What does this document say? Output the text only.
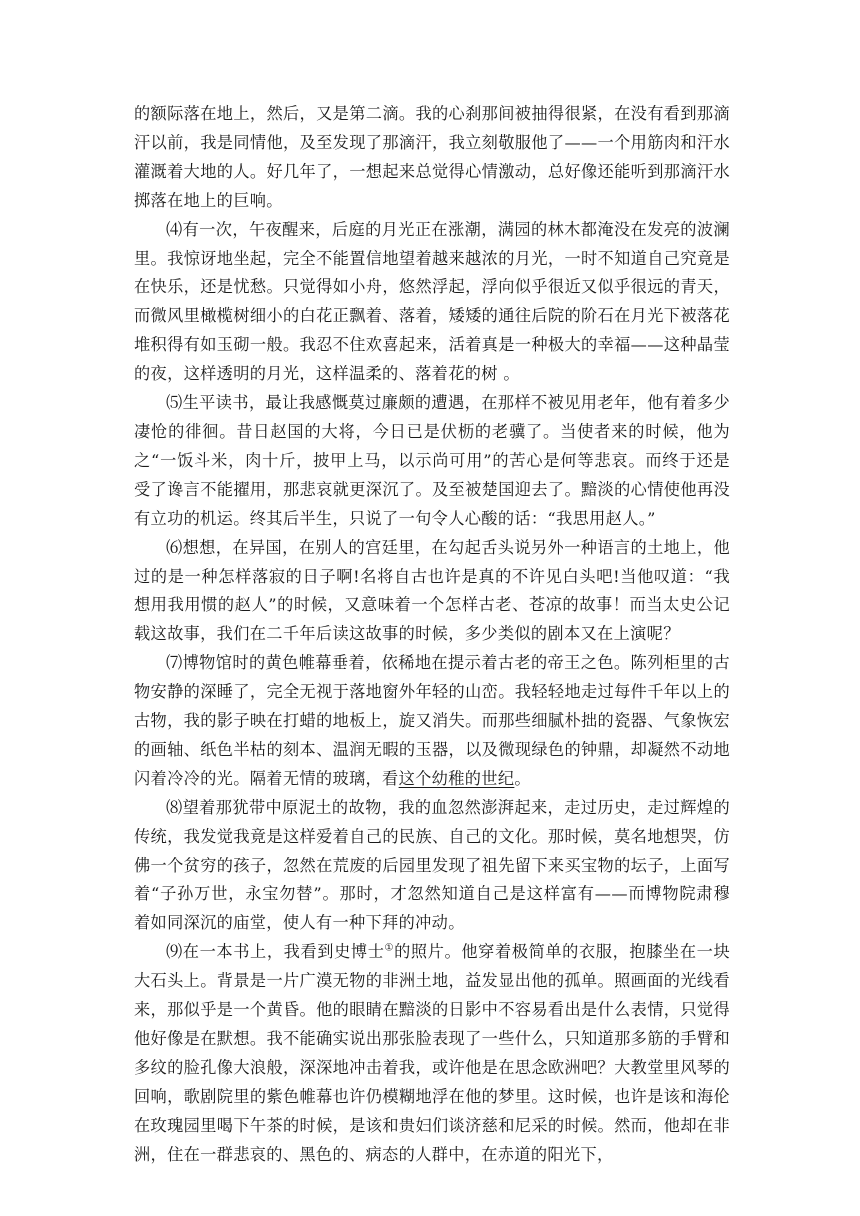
的额际落在地上，然后，又是第二滴。我的心刹那间被抽得很紧，在没有看到那滴汗以前，我是同情他，及至发现了那滴汗，我立刻敬服他了——一个用筋肉和汗水灌溉着大地的人。好几年了，一想起来总觉得心情激动，总好像还能听到那滴汗水掷落在地上的巨响。

⑷有一次，午夜醒来，后庭的月光正在涨潮，满园的林木都淹没在发亮的波澜里。我惊讶地坐起，完全不能置信地望着越来越浓的月光，一时不知道自己究竟是在快乐，还是忧愁。只觉得如小舟，悠然浮起，浮向似乎很近又似乎很远的青天，而微风里橄榄树细小的白花正飘着、落着，矮矮的通往后院的阶石在月光下被落花堆积得有如玉砌一般。我忍不住欢喜起来，活着真是一种极大的幸福——这种晶莹的夜，这样透明的月光，这样温柔的、落着花的树 。

⑸生平读书，最让我感慨莫过廉颇的遭遇，在那样不被见用老年，他有着多少凄怆的徘徊。昔日赵国的大将，今日已是伏枥的老骥了。当使者来的时候，他为之“一饭斗米，肉十斤，披甲上马，以示尚可用”的苦心是何等悲哀。而终于还是受了谗言不能擢用，那悲哀就更深沉了。及至被楚国迎去了。黯淡的心情使他再没有立功的机运。终其后半生，只说了一句令人心酸的话：“我思用赵人。”

⑹想想，在异国，在别人的宫廷里，在勾起舌头说另外一种语言的土地上，他过的是一种怎样落寂的日子啊!名将自古也许是真的不许见白头吧!当他叹道：“我想用我用惯的赵人”的时候，又意味着一个怎样古老、苍凉的故事！而当太史公记载这故事，我们在二千年后读这故事的时候，多少类似的剧本又在上演呢？

⑺博物馆时的黄色帷幕垂着，依稀地在提示着古老的帝王之色。陈列柜里的古物安静的深睡了，完全无视于落地窗外年轻的山峦。我轻轻地走过每件千年以上的古物，我的影子映在打蜡的地板上，旋又消失。而那些细腻朴拙的瓷器、气象恢宏的画轴、纸色半枯的刻本、温润无暇的玉器，以及微现绿色的钟鼎，却凝然不动地闪着冷冷的光。隔着无情的玻璃，看这个幼稚的世纪。

⑻望着那犹带中原泥土的故物，我的血忽然澎湃起来，走过历史，走过辉煌的传统，我发觉我竟是这样爱着自己的民族、自己的文化。那时候，莫名地想哭，仿佛一个贫穷的孩子，忽然在荒废的后园里发现了祖先留下来买宝物的坛子，上面写着“子孙万世，永宝勿替”。那时，才忽然知道自己是这样富有——而博物院肃穆着如同深沉的庙堂，使人有一种下拜的冲动。

⑼在一本书上，我看到史博士①的照片。他穿着极简单的衣服，抱膝坐在一块大石头上。背景是一片广漠无物的非洲土地，益发显出他的孤单。照画面的光线看来，那似乎是一个黄昏。他的眼睛在黯淡的日影中不容易看出是什么表情，只觉得他好像是在默想。我不能确实说出那张脸表现了一些什么，只知道那多筋的手臂和多纹的脸孔像大浪般，深深地冲击着我，或许他是在思念欧洲吧？大教堂里风琴的回响，歌剧院里的紫色帷幕也许仍模糊地浮在他的梦里。这时候，也许是该和海伦在玫瑰园里喝下午茶的时候，是该和贵妇们谈济慈和尼采的时候。然而，他却在非洲，住在一群悲哀的、黑色的、病态的人群中，在赤道的阳光下，
